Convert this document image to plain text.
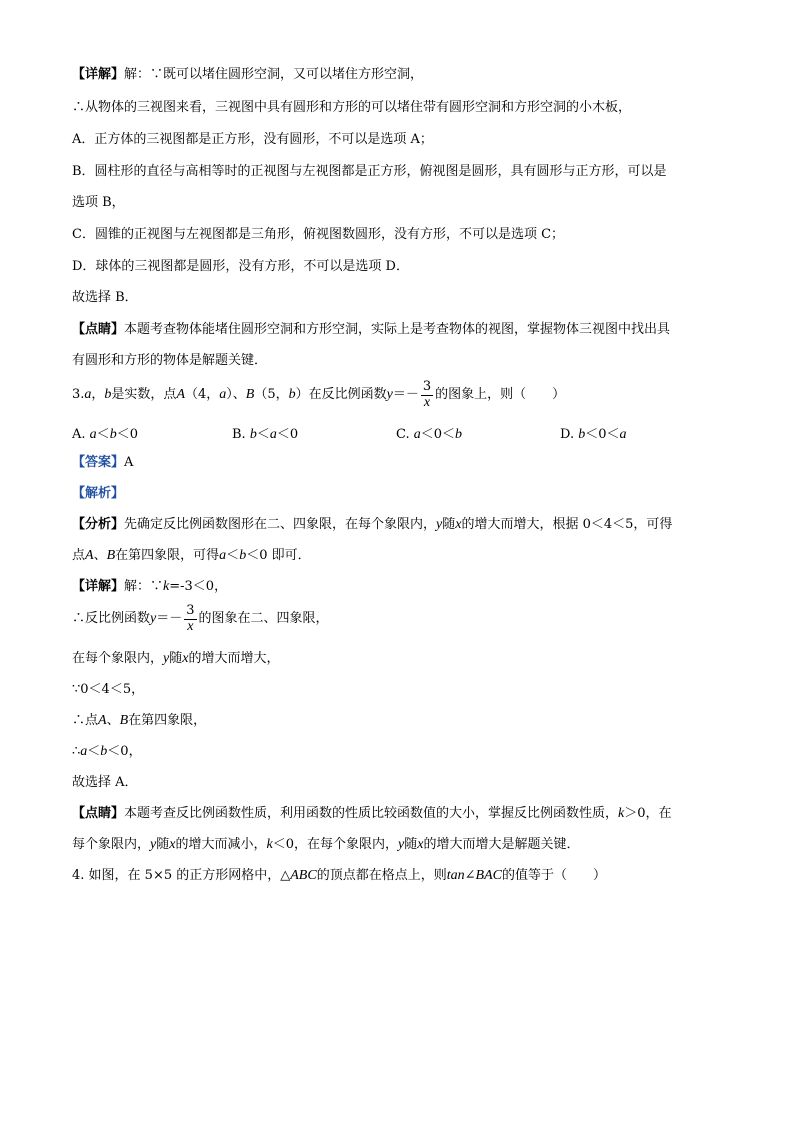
【详解】解：∵既可以堵住圆形空洞，又可以堵住方形空洞，
∴从物体的三视图来看，三视图中具有圆形和方形的可以堵住带有圆形空洞和方形空洞的小木板，
A．正方体的三视图都是正方形，没有圆形，不可以是选项 A；
B．圆柱形的直径与高相等时的正视图与左视图都是正方形，俯视图是圆形，具有圆形与正方形，可以是
选项 B，
C．圆锥的正视图与左视图都是三角形，俯视图数圆形，没有方形，不可以是选项 C；
D．球体的三视图都是圆形，没有方形，不可以是选项 D．
故选择 B．
【点睛】本题考查物体能堵住圆形空洞和方形空洞，实际上是考查物体的视图，掌握物体三视图中找出具
有圆形和方形的物体是解题关键．
3.a，b是实数，点A（4，a）、B（5，b）在反比例函数$y=- \frac{3}{x}$ 的图象上，则（　　）
A. a＜b＜0	B. b＜a＜0	C. a＜0＜b	D. b＜0＜a
【答案】A
【解析】
【分析】先确定反比例函数图形在二、四象限，在每个象限内，y随x的增大而增大，根据 0＜4＜5，可得
点A、B在第四象限，可得a＜b＜0 即可．
【详解】解：∵k=-3＜0，
∴反比例函数$y=- \frac{3}{x}$ 的图象在二、四象限，
在每个象限内，y随x的增大而增大，
∵0＜4＜5，
∴点A、B在第四象限，
∴a＜b＜0，
故选择 A．
【点睛】本题考查反比例函数性质，利用函数的性质比较函数值的大小，掌握反比例函数性质，k＞0，在
每个象限内，y随x的增大而减小，k＜0，在每个象限内，y随x的增大而增大是解题关键．
4. 如图，在 5×5 的正方形网格中，△ABC的顶点都在格点上，则tan∠BAC的值等于（　　）
